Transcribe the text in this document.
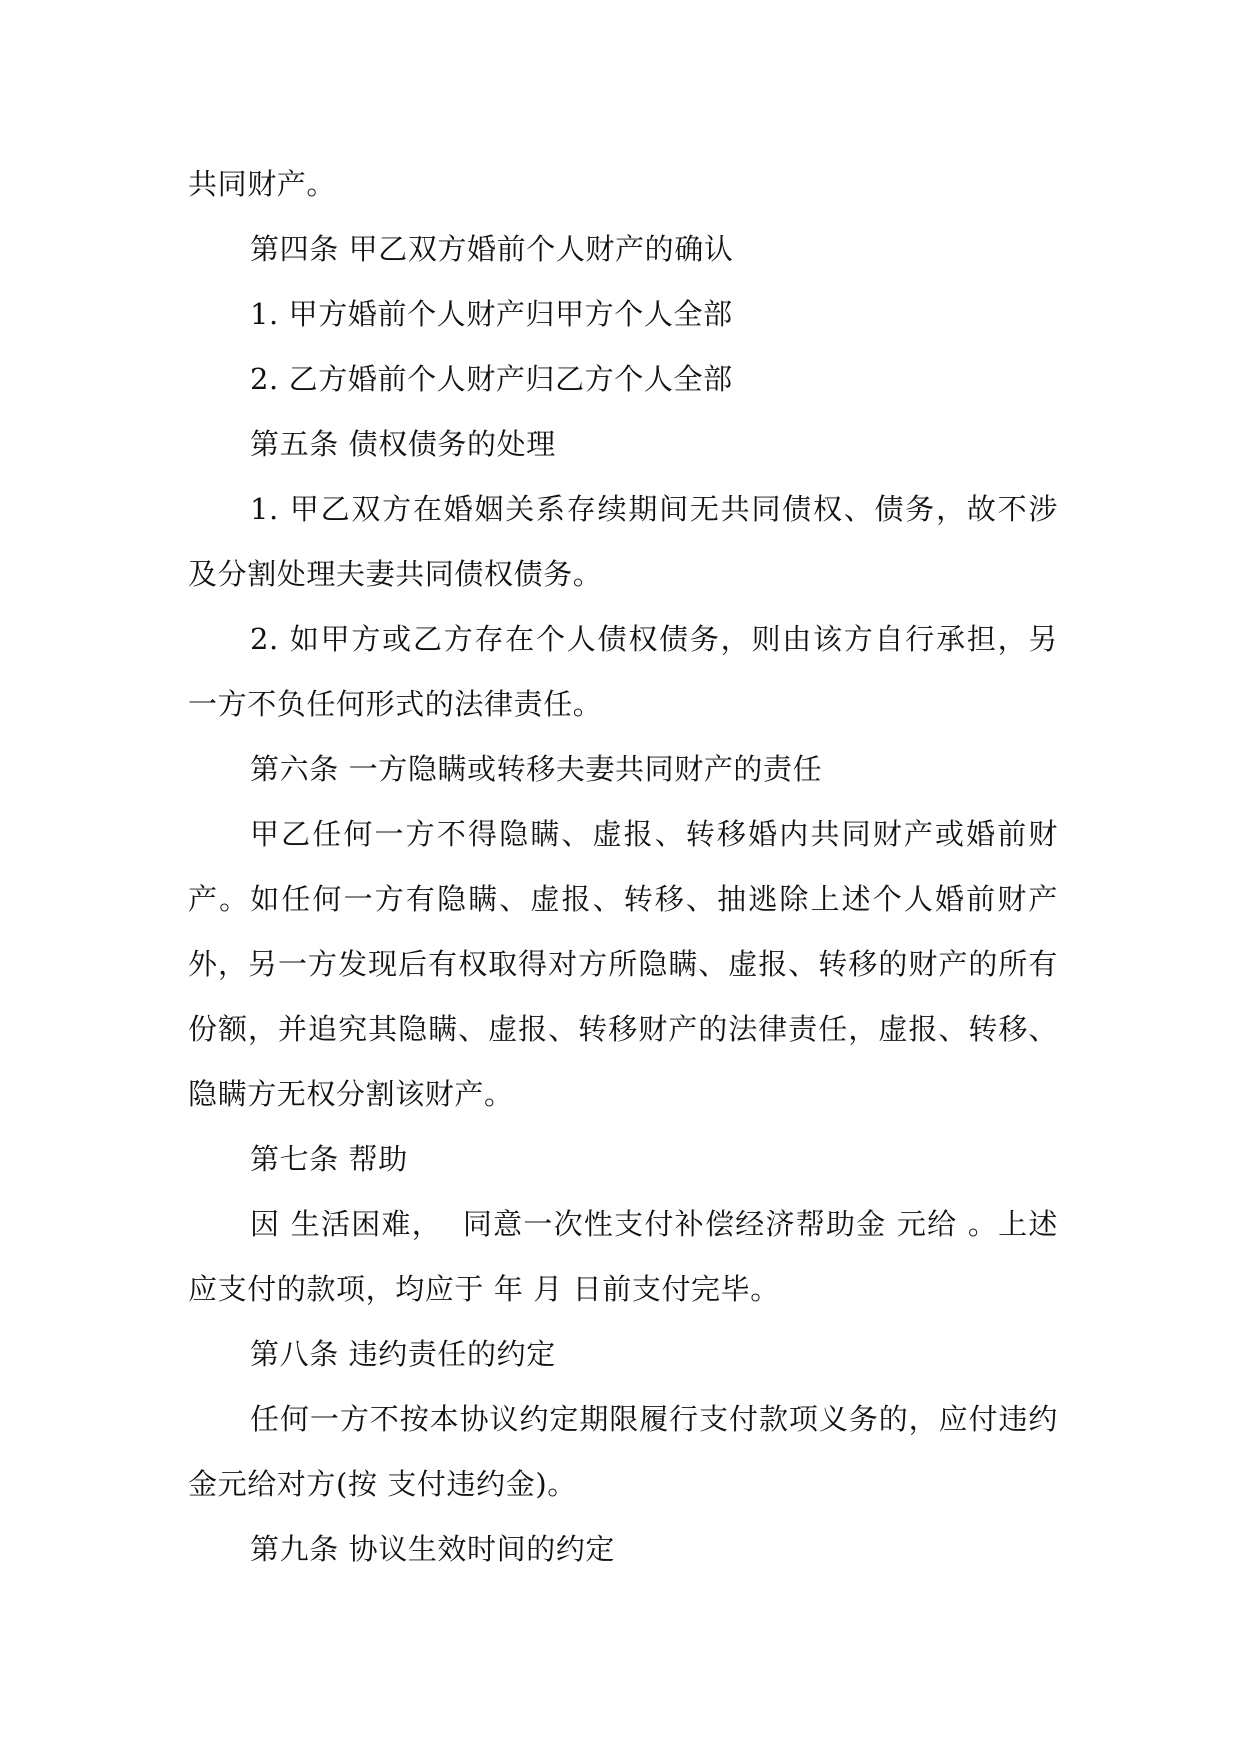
共同财产。

第四条 甲乙双方婚前个人财产的确认

1. 甲方婚前个人财产归甲方个人全部

2. 乙方婚前个人财产归乙方个人全部

第五条 债权债务的处理

1. 甲乙双方在婚姻关系存续期间无共同债权、债务，故不涉及分割处理夫妻共同债权债务。

2. 如甲方或乙方存在个人债权债务，则由该方自行承担，另一方不负任何形式的法律责任。

第六条 一方隐瞒或转移夫妻共同财产的责任

甲乙任何一方不得隐瞒、虚报、转移婚内共同财产或婚前财产。如任何一方有隐瞒、虚报、转移、抽逃除上述个人婚前财产外，另一方发现后有权取得对方所隐瞒、虚报、转移的财产的所有份额，并追究其隐瞒、虚报、转移财产的法律责任，虚报、转移、隐瞒方无权分割该财产。

第七条 帮助

因 生活困难，  同意一次性支付补偿经济帮助金 元给 。上述应支付的款项，均应于 年 月 日前支付完毕。

第八条 违约责任的约定

任何一方不按本协议约定期限履行支付款项义务的，应付违约金元给对方(按 支付违约金)。

第九条 协议生效时间的约定
